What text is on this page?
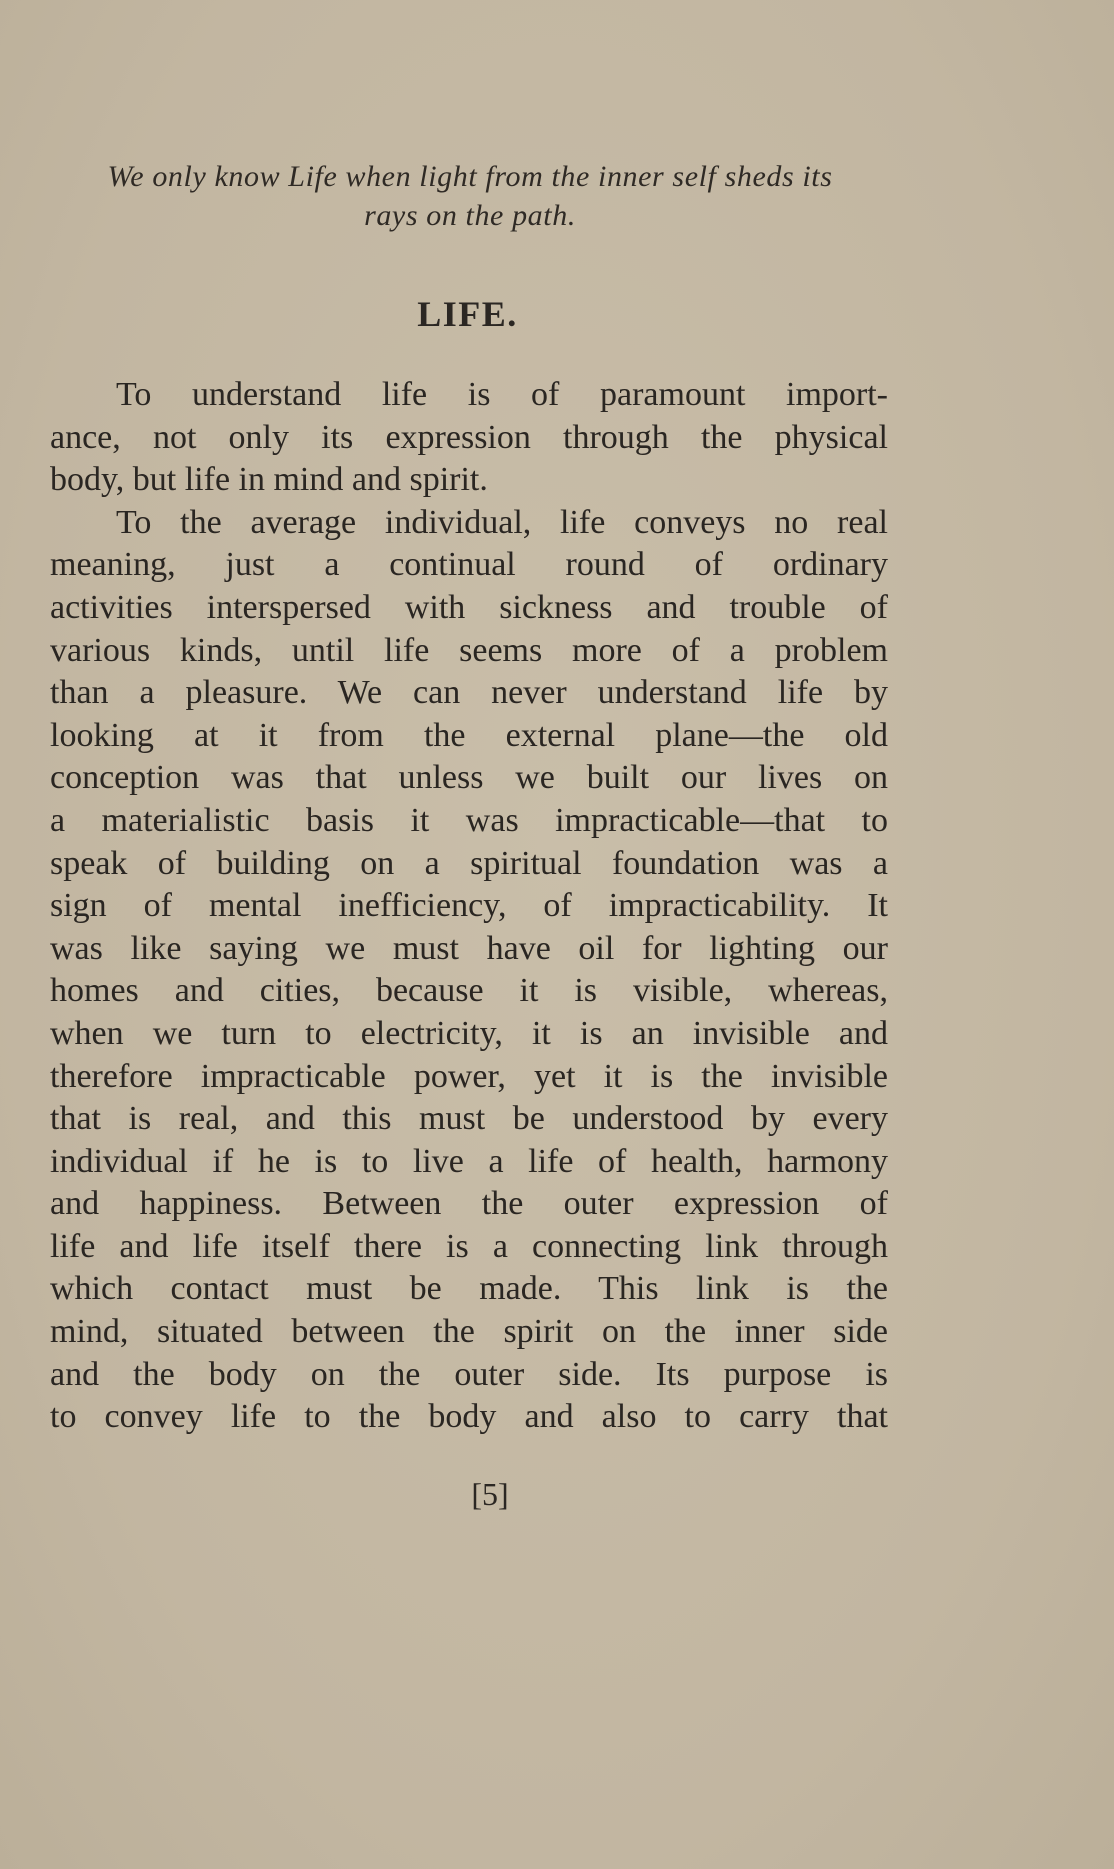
We only know Life when light from the inner self sheds its
rays on the path.
LIFE.
To understand life is of paramount import-
ance, not only its expression through the physical
body, but life in mind and spirit.
To the average individual, life conveys no real
meaning, just a continual round of ordinary
activities interspersed with sickness and trouble of
various kinds, until life seems more of a problem
than a pleasure. We can never understand life by
looking at it from the external plane—the old
conception was that unless we built our lives on
a materialistic basis it was impracticable—that to
speak of building on a spiritual foundation was a
sign of mental inefficiency, of impracticability. It
was like saying we must have oil for lighting our
homes and cities, because it is visible, whereas,
when we turn to electricity, it is an invisible and
therefore impracticable power, yet it is the invisible
that is real, and this must be understood by every
individual if he is to live a life of health, harmony
and happiness. Between the outer expression of
life and life itself there is a connecting link through
which contact must be made. This link is the
mind, situated between the spirit on the inner side
and the body on the outer side. Its purpose is
to convey life to the body and also to carry that
[5]
